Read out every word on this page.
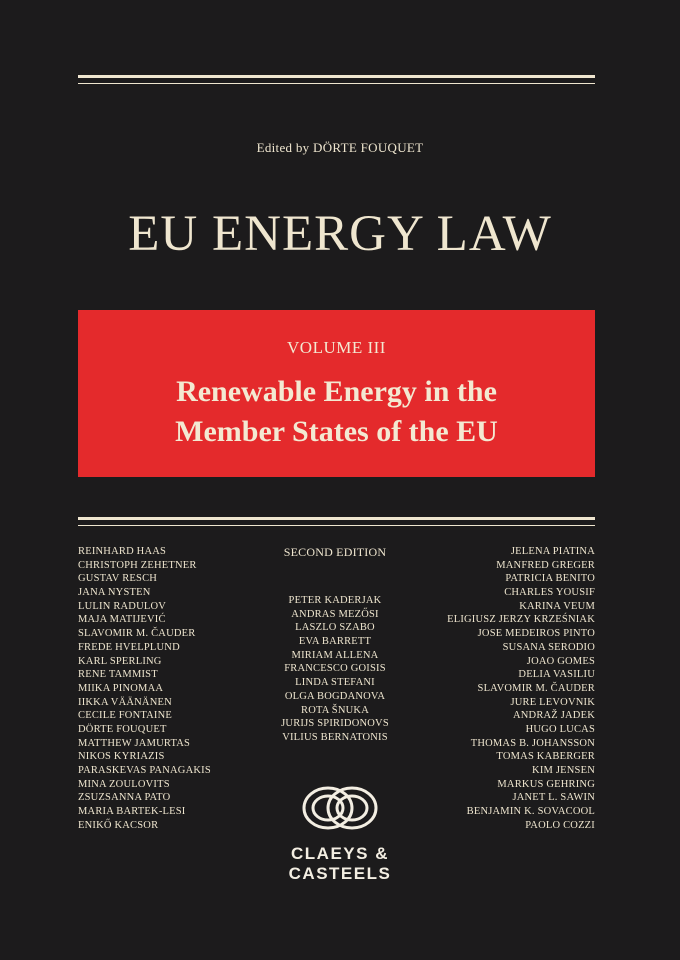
Edited by DÖRTE FOUQUET
EU ENERGY LAW
VOLUME III
Renewable Energy in the
Member States of the EU
SECOND EDITION
REINHARD HAAS
CHRISTOPH ZEHETNER
GUSTAV RESCH
JANA NYSTEN
LULIN RADULOV
MAJA MATIJEVIĆ
SLAVOMIR M. ČAUDER
FREDE HVELPLUND
KARL SPERLING
RENE TAMMIST
MIIKA PINOMAA
IIKKA VÄÄNÄNEN
CECILE FONTAINE
DÖRTE FOUQUET
MATTHEW JAMURTAS
NIKOS KYRIAZIS
PARASKEVAS PANAGAKIS
MINA ZOULOVITS
ZSUZSANNA PATO
MARIA BARTEK-LESI
ENIKŐ KACSOR
PETER KADERJAK
ANDRAS MEZŐSI
LASZLO SZABO
EVA BARRETT
MIRIAM ALLENA
FRANCESCO GOISIS
LINDA STEFANI
OLGA BOGDANOVA
ROTA ŠNUKA
JURIJS SPIRIDONOVS
VILIUS BERNATONIS
JELENA PIATINA
MANFRED GREGER
PATRICIA BENITO
CHARLES YOUSIF
KARINA VEUM
ELIGIUSZ JERZY KRZEŚNIAK
JOSE MEDEIROS PINTO
SUSANA SERODIO
JOAO GOMES
DELIA VASILIU
SLAVOMIR M. ČAUDER
JURE LEVOVNIK
ANDRAŽ JADEK
HUGO LUCAS
THOMAS B. JOHANSSON
TOMAS KABERGER
KIM JENSEN
MARKUS GEHRING
JANET L. SAWIN
BENJAMIN K. SOVACOOL
PAOLO COZZI
CLAEYS &
CASTEELS
